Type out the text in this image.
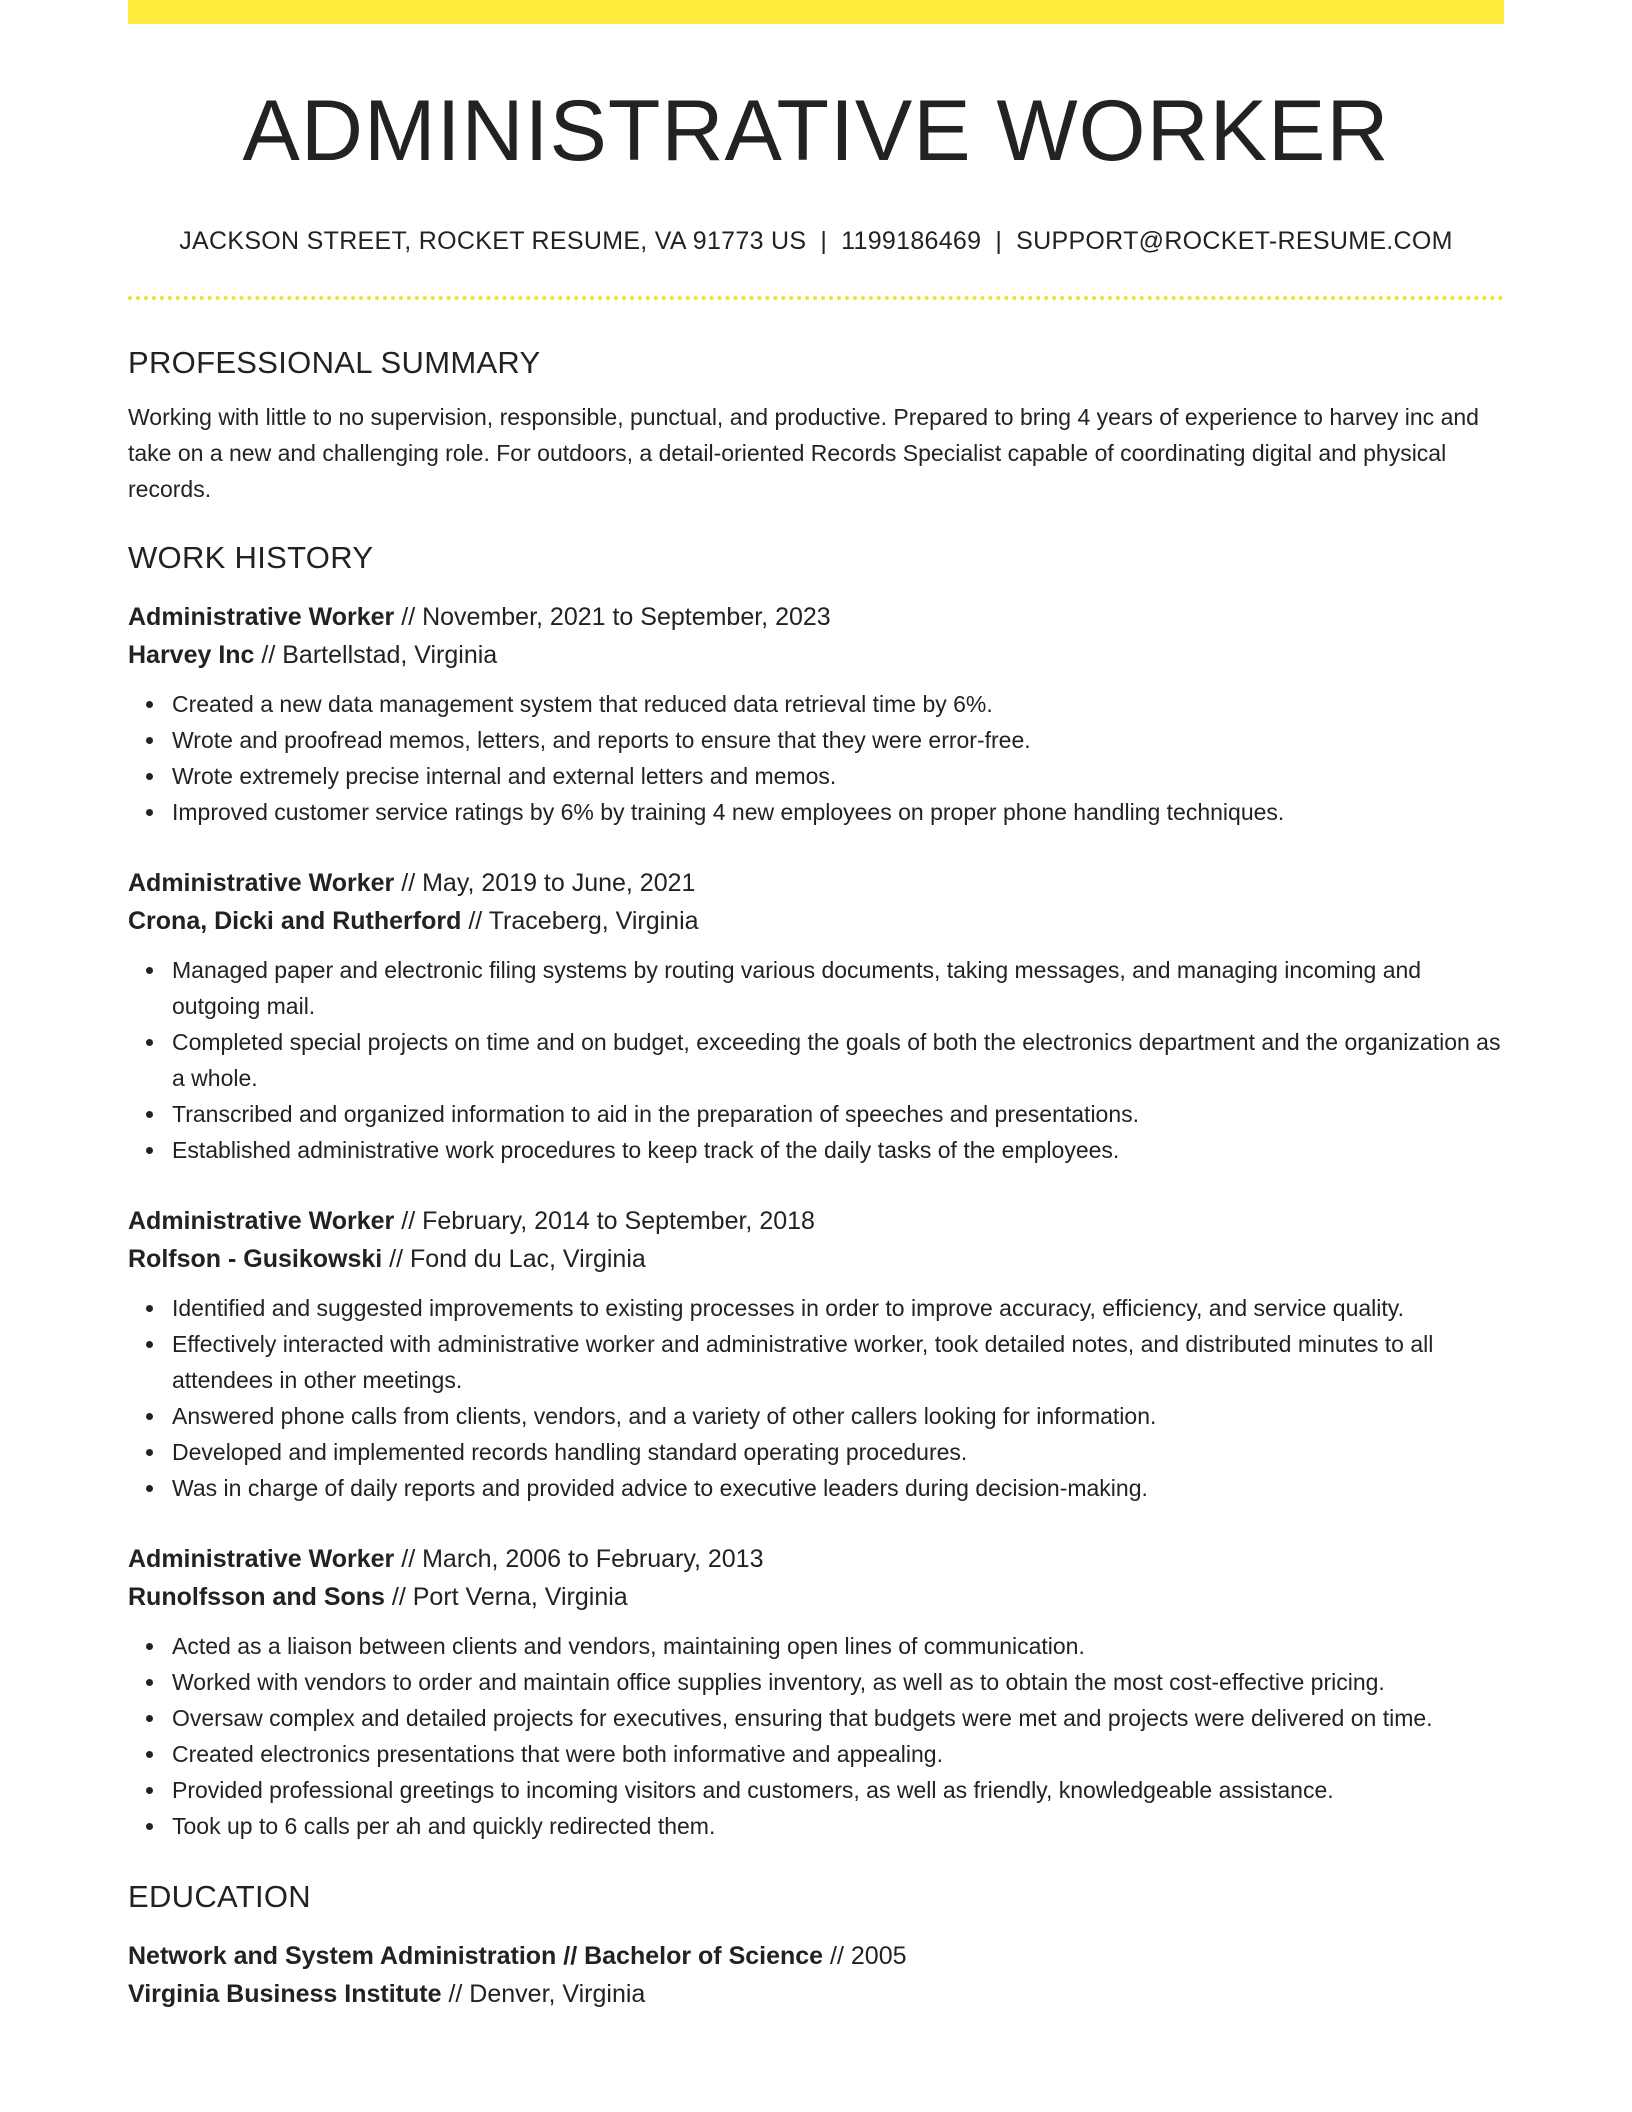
ADMINISTRATIVE WORKER
JACKSON STREET, ROCKET RESUME, VA 91773 US | 1199186469 | SUPPORT@ROCKET-RESUME.COM
PROFESSIONAL SUMMARY
Working with little to no supervision, responsible, punctual, and productive. Prepared to bring 4 years of experience to harvey inc and take on a new and challenging role. For outdoors, a detail-oriented Records Specialist capable of coordinating digital and physical records.
WORK HISTORY
Administrative Worker // November, 2021 to September, 2023
Harvey Inc // Bartellstad, Virginia
Created a new data management system that reduced data retrieval time by 6%.
Wrote and proofread memos, letters, and reports to ensure that they were error-free.
Wrote extremely precise internal and external letters and memos.
Improved customer service ratings by 6% by training 4 new employees on proper phone handling techniques.
Administrative Worker // May, 2019 to June, 2021
Crona, Dicki and Rutherford // Traceberg, Virginia
Managed paper and electronic filing systems by routing various documents, taking messages, and managing incoming and outgoing mail.
Completed special projects on time and on budget, exceeding the goals of both the electronics department and the organization as a whole.
Transcribed and organized information to aid in the preparation of speeches and presentations.
Established administrative work procedures to keep track of the daily tasks of the employees.
Administrative Worker // February, 2014 to September, 2018
Rolfson - Gusikowski // Fond du Lac, Virginia
Identified and suggested improvements to existing processes in order to improve accuracy, efficiency, and service quality.
Effectively interacted with administrative worker and administrative worker, took detailed notes, and distributed minutes to all attendees in other meetings.
Answered phone calls from clients, vendors, and a variety of other callers looking for information.
Developed and implemented records handling standard operating procedures.
Was in charge of daily reports and provided advice to executive leaders during decision-making.
Administrative Worker // March, 2006 to February, 2013
Runolfsson and Sons // Port Verna, Virginia
Acted as a liaison between clients and vendors, maintaining open lines of communication.
Worked with vendors to order and maintain office supplies inventory, as well as to obtain the most cost-effective pricing.
Oversaw complex and detailed projects for executives, ensuring that budgets were met and projects were delivered on time.
Created electronics presentations that were both informative and appealing.
Provided professional greetings to incoming visitors and customers, as well as friendly, knowledgeable assistance.
Took up to 6 calls per ah and quickly redirected them.
EDUCATION
Network and System Administration // Bachelor of Science // 2005
Virginia Business Institute // Denver, Virginia
